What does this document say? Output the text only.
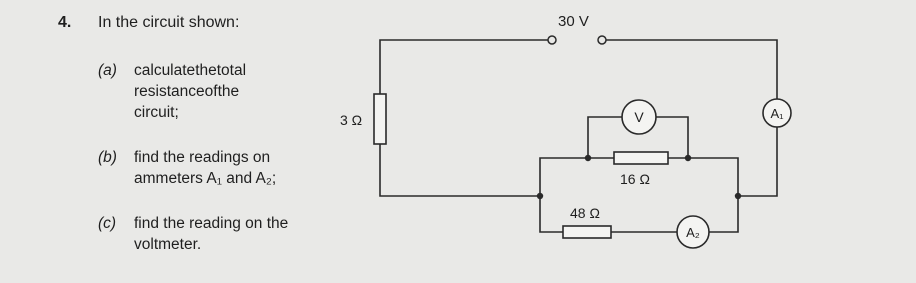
4. In the circuit shown:
(a) calculatethetotal
resistanceofthe
circuit;
(b) find the readings on
ammeters A₁ and A₂;
(c) find the reading on the
voltmeter.
30 V
3 Ω
16 Ω
48 Ω
V	A₁
A₂
